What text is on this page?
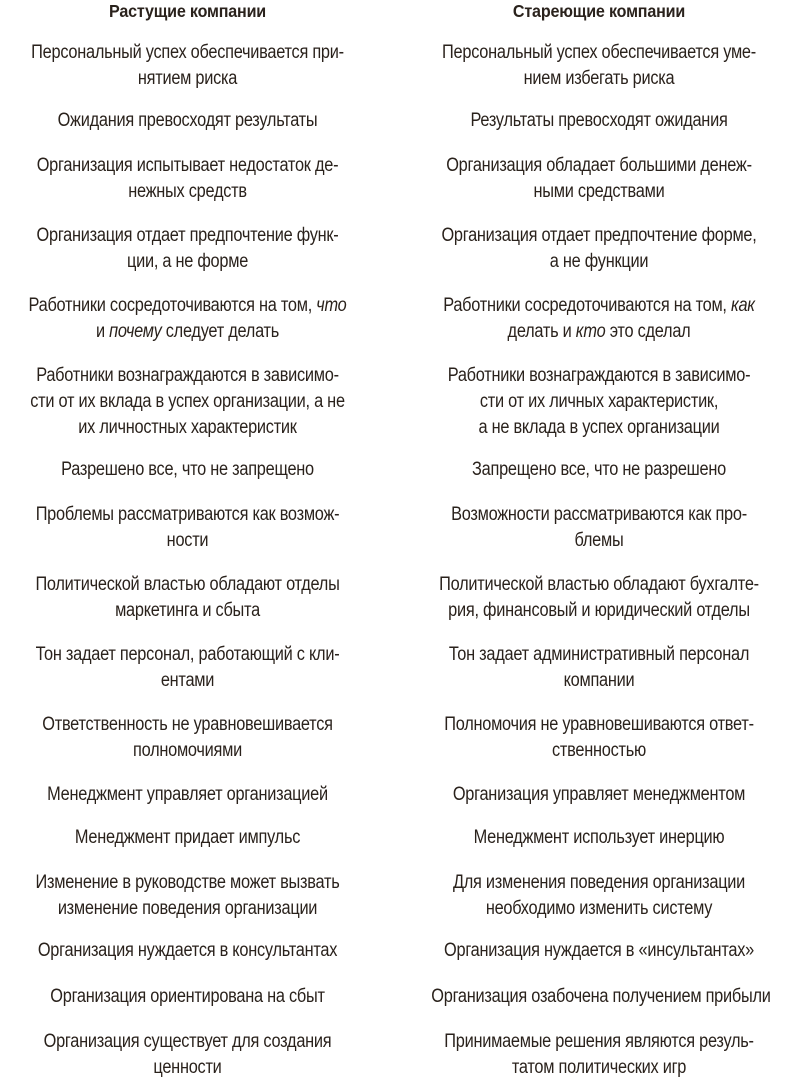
Растущие компании
Персональный успех обеспечивается при-
нятием риска
Ожидания превосходят результаты
Организация испытывает недостаток де-
нежных средств
Организация отдает предпочтение функ-
ции, а не форме
Работники сосредоточиваются на том, что
и почему следует делать
Работники вознаграждаются в зависимо-
сти от их вклада в успех организации, а не
их личностных характеристик
Разрешено все, что не запрещено
Проблемы рассматриваются как возмож-
ности
Политической властью обладают отделы
маркетинга и сбыта
Тон задает персонал, работающий с кли-
ентами
Ответственность не уравновешивается
полномочиями
Менеджмент управляет организацией
Менеджмент придает импульс
Изменение в руководстве может вызвать
изменение поведения организации
Организация нуждается в консультантах
Организация ориентирована на сбыт
Организация существует для создания
ценности
Стареющие компании
Персональный успех обеспечивается уме-
нием избегать риска
Результаты превосходят ожидания
Организация обладает большими денеж-
ными средствами
Организация отдает предпочтение форме,
а не функции
Работники сосредоточиваются на том, как
делать и кто это сделал
Работники вознаграждаются в зависимо-
сти от их личных характеристик,
а не вклада в успех организации
Запрещено все, что не разрешено
Возможности рассматриваются как про-
блемы
Политической властью обладают бухгалте-
рия, финансовый и юридический отделы
Тон задает административный персонал
компании
Полномочия не уравновешиваются ответ-
ственностью
Организация управляет менеджментом
Менеджмент использует инерцию
Для изменения поведения организации
необходимо изменить систему
Организация нуждается в «инсультантах»
Организация озабочена получением прибыли
Принимаемые решения являются резуль-
татом политических игр
